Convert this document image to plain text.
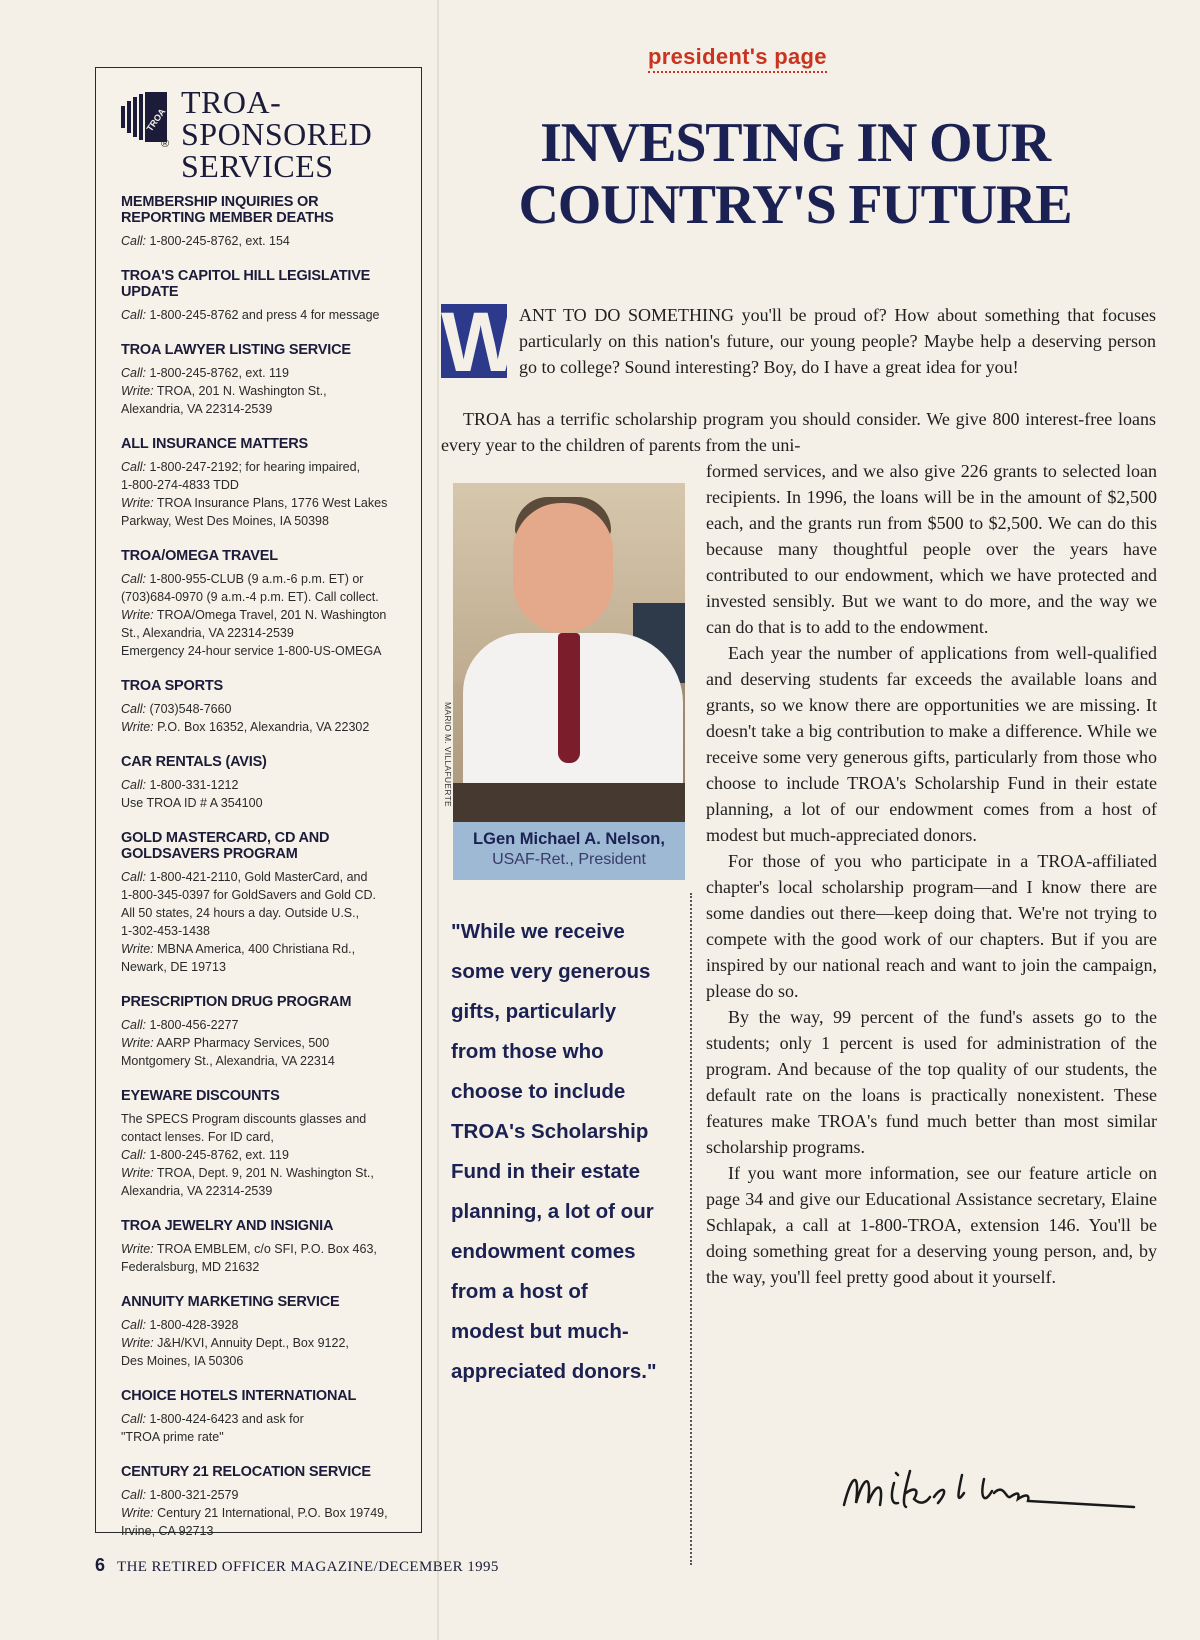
TROA
®
TROA-SPONSORED
SERVICES
MEMBERSHIP INQUIRIES OR REPORTING MEMBER DEATHS
Call: 1-800-245-8762, ext. 154
TROA'S CAPITOL HILL LEGISLATIVE UPDATE
Call: 1-800-245-8762 and press 4 for message
TROA LAWYER LISTING SERVICE
Call: 1-800-245-8762, ext. 119
Write: TROA, 201 N. Washington St.,
Alexandria, VA 22314-2539
ALL INSURANCE MATTERS
Call: 1-800-247-2192; for hearing impaired,
1-800-274-4833 TDD
Write: TROA Insurance Plans, 1776 West Lakes
Parkway, West Des Moines, IA 50398
TROA/OMEGA TRAVEL
Call: 1-800-955-CLUB (9 a.m.-6 p.m. ET) or
(703)684-0970 (9 a.m.-4 p.m. ET). Call collect.
Write: TROA/Omega Travel, 201 N. Washington
St., Alexandria, VA 22314-2539
Emergency 24-hour service 1-800-US-OMEGA
TROA SPORTS
Call: (703)548-7660
Write: P.O. Box 16352, Alexandria, VA 22302
CAR RENTALS (AVIS)
Call: 1-800-331-1212
Use TROA ID # A 354100
GOLD MASTERCARD, CD AND GOLDSAVERS PROGRAM
Call: 1-800-421-2110, Gold MasterCard, and
1-800-345-0397 for GoldSavers and Gold CD.
All 50 states, 24 hours a day. Outside U.S.,
1-302-453-1438
Write: MBNA America, 400 Christiana Rd.,
Newark, DE 19713
PRESCRIPTION DRUG PROGRAM
Call: 1-800-456-2277
Write: AARP Pharmacy Services, 500
Montgomery St., Alexandria, VA 22314
EYEWARE DISCOUNTS
The SPECS Program discounts glasses and
contact lenses. For ID card,
Call: 1-800-245-8762, ext. 119
Write: TROA, Dept. 9, 201 N. Washington St.,
Alexandria, VA 22314-2539
TROA JEWELRY AND INSIGNIA
Write: TROA EMBLEM, c/o SFI, P.O. Box 463,
Federalsburg, MD 21632
ANNUITY MARKETING SERVICE
Call: 1-800-428-3928
Write: J&H/KVI, Annuity Dept., Box 9122,
Des Moines, IA 50306
CHOICE HOTELS INTERNATIONAL
Call: 1-800-424-6423 and ask for
"TROA prime rate"
CENTURY 21 RELOCATION SERVICE
Call: 1-800-321-2579
Write: Century 21 International, P.O. Box 19749,
Irvine, CA 92713
6 THE RETIRED OFFICER MAGAZINE/DECEMBER 1995
president's page
INVESTING IN OUR
COUNTRY'S FUTURE
W

ANT TO DO SOMETHING you'll be proud of? How about something that focuses particularly on this nation's future, our young people? Maybe help a deserving person go to college? Sound interesting? Boy, do I have a great idea for you!

TROA has a terrific scholarship program you should consider. We give 800 interest-free loans every year to the children of parents from the uni-

formed services, and we also give 226 grants to selected loan recipients. In 1996, the loans will be in the amount of $2,500 each, and the grants run from $500 to $2,500. We can do this because many thoughtful people over the years have contributed to our endowment, which we have protected and invested sensibly. But we want to do more, and the way we can do that is to add to the endowment.

Each year the number of applications from well-qualified and deserving students far exceeds the available loans and grants, so we know there are opportunities we are missing. It doesn't take a big contribution to make a difference. While we receive some very generous gifts, particularly from those who choose to include TROA's Scholarship Fund in their estate planning, a lot of our endowment comes from a host of modest but much-appreciated donors.

For those of you who participate in a TROA-affiliated chapter's local scholarship program—and I know there are some dandies out there—keep doing that. We're not trying to compete with the good work of our chapters. But if you are inspired by our national reach and want to join the campaign, please do so.

By the way, 99 percent of the fund's assets go to the students; only 1 percent is used for administration of the program. And because of the top quality of our students, the default rate on the loans is practically nonexistent. These features make TROA's fund much better than most similar scholarship programs.

If you want more information, see our feature article on page 34 and give our Educational Assistance secretary, Elaine Schlapak, a call at 1-800-TROA, extension 146. You'll be doing something great for a deserving young person, and, by the way, you'll feel pretty good about it yourself.

MARIO M. VILLAFUERTE
LGen Michael A. Nelson,
USAF-Ret., President
"While we receive
some very generous
gifts, particularly
from those who
choose to include
TROA's Scholarship
Fund in their estate
planning, a lot of our
endowment comes
from a host of
modest but much-
appreciated donors."
